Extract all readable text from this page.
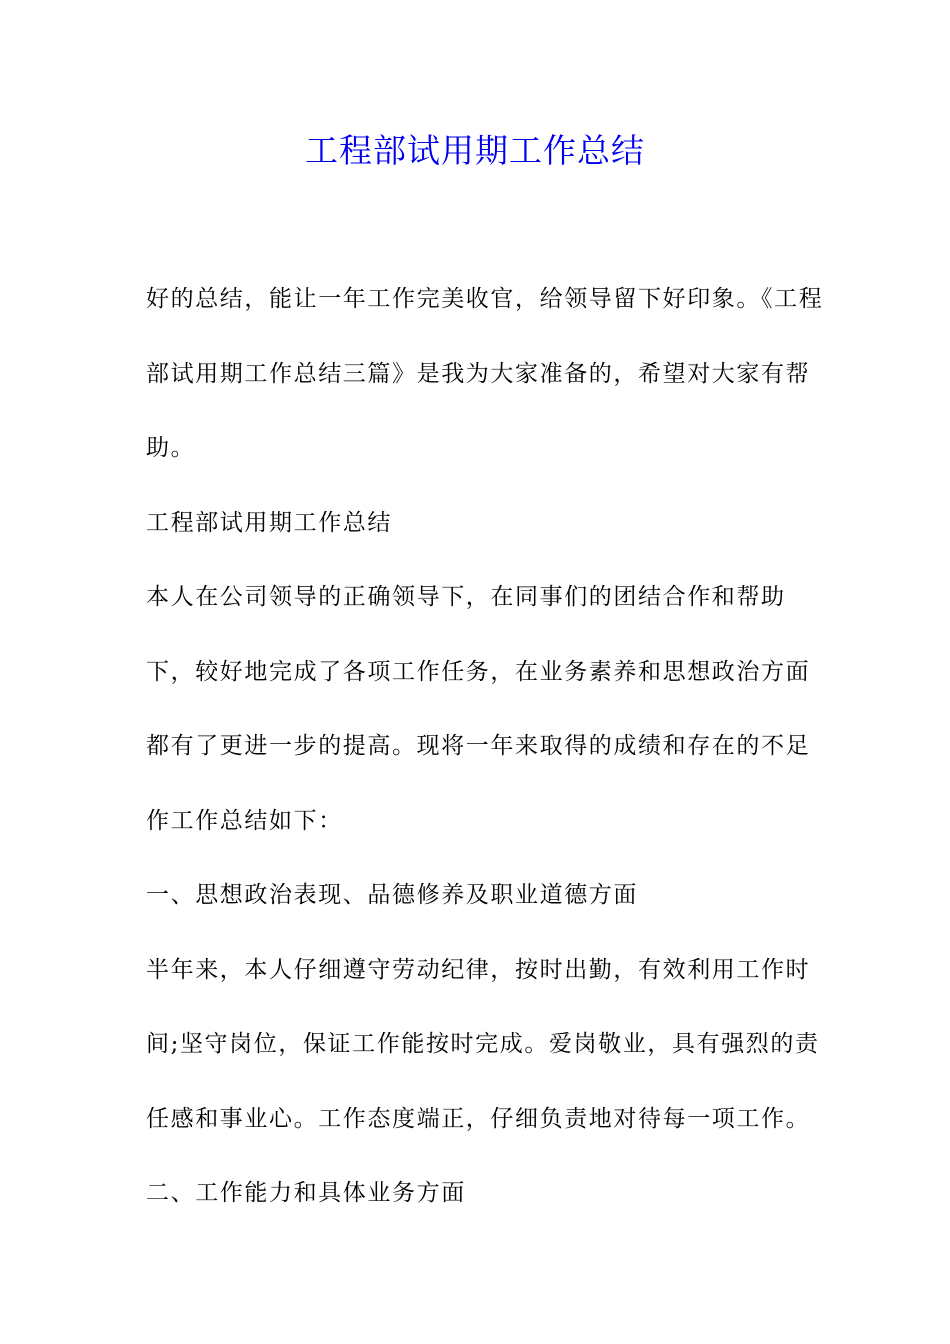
工程部试用期工作总结

好的总结，能让一年工作完美收官，给领导留下好印象。《工程部试用期工作总结三篇》是我为大家准备的，希望对大家有帮助。

工程部试用期工作总结

本人在公司领导的正确领导下，在同事们的团结合作和帮助下，较好地完成了各项工作任务，在业务素养和思想政治方面都有了更进一步的提高。现将一年来取得的成绩和存在的不足作工作总结如下：

一、思想政治表现、品德修养及职业道德方面

半年来，本人仔细遵守劳动纪律，按时出勤，有效利用工作时间;坚守岗位，保证工作能按时完成。爱岗敬业，具有强烈的责任感和事业心。工作态度端正，仔细负责地对待每一项工作。

二、工作能力和具体业务方面
